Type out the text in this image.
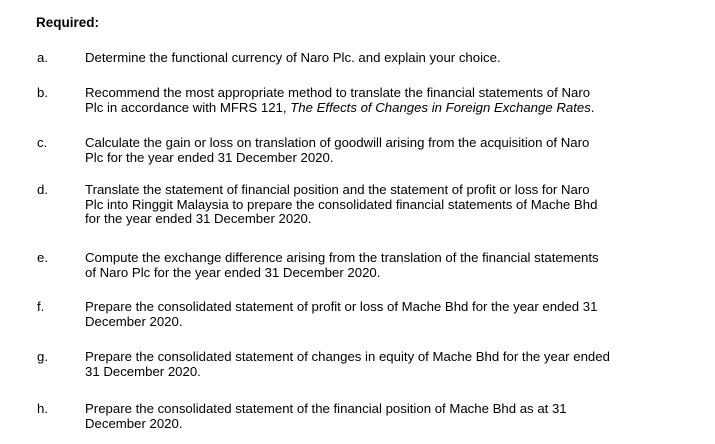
Required:
a.	Determine the functional currency of Naro Plc. and explain your choice.
b.	Recommend the most appropriate method to translate the financial statements of Naro
Plc in accordance with MFRS 121, The Effects of Changes in Foreign Exchange Rates.
c.	Calculate the gain or loss on translation of goodwill arising from the acquisition of Naro
Plc for the year ended 31 December 2020.
d.	Translate the statement of financial position and the statement of profit or loss for Naro
Plc into Ringgit Malaysia to prepare the consolidated financial statements of Mache Bhd
for the year ended 31 December 2020.
e.	Compute the exchange difference arising from the translation of the financial statements
of Naro Plc for the year ended 31 December 2020.
f.	Prepare the consolidated statement of profit or loss of Mache Bhd for the year ended 31
December 2020.
g.	Prepare the consolidated statement of changes in equity of Mache Bhd for the year ended
31 December 2020.
h.	Prepare the consolidated statement of the financial position of Mache Bhd as at 31
December 2020.
